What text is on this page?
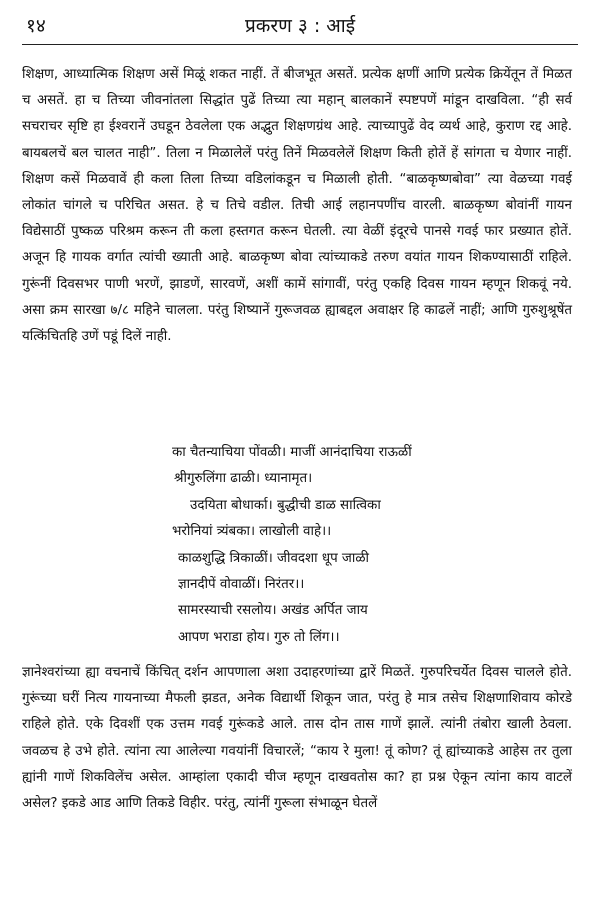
१४	प्रकरण ३ : आई

शिक्षण, आध्यात्मिक शिक्षण असें मिळूं शकत नाहीं. तें बीजभूत असतें. प्रत्येक क्षणीं आणि प्रत्येक क्रियेंतून तें मिळत च असतें. हा च तिच्या जीवनांतला सिद्धांत पुढें तिच्या त्या महान् बालकानें स्पष्टपणें मांडून दाखविला. “ही सर्व सचराचर सृष्टि हा ईश्वरानें उघडून ठेवलेला एक अद्भुत शिक्षणग्रंथ आहे. त्याच्यापुढें वेद व्यर्थ आहे, कुराण रद्द आहे. बायबलचें बल चालत नाही”. तिला न मिळालेलें परंतु तिनें मिळवलेलें शिक्षण किती होतें हें सांगता च येणार नाहीं. शिक्षण कसें मिळवावें ही कला तिला तिच्या वडिलांकडून च मिळाली होती. “बाळकृष्णबोवा” त्या वेळच्या गवई लोकांत चांगले च परिचित असत. हे च तिचे वडील. तिची आई लहानपणींच वारली. बाळकृष्ण बोवांनीं गायन विद्येसाठीं पुष्कळ परिश्रम करून ती कला हस्तगत करून घेतली. त्या वेळीं इंदूरचे पानसे गवई फार प्रख्यात होतें. अजून हि गायक वर्गात त्यांची ख्याती आहे. बाळकृष्ण बोवा त्यांच्याकडे तरुण वयांत गायन शिकण्यासाठीं राहिले. गुरूंनीं दिवसभर पाणी भरणें, झाडणें, सारवणें, अशीं कामें सांगावीं, परंतु एकहि दिवस गायन म्हणून शिकवूं नये. असा क्रम सारखा ७/८ महिने चालला. परंतु शिष्यानें गुरूजवळ ह्याबद्दल अवाक्षर हि काढलें नाहीं; आणि गुरुशुश्रूषेंत यत्किंचितहि उणें पडूं दिलें नाही.

का चैतन्याचिया पोंवळी। माजीं आनंदाचिया राऊळीं
श्रीगुरुलिंगा ढाळी। ध्यानामृत।
उदयिता बोधार्का। बुद्धीची डाळ सात्विका
भरोनियां त्र्यंबका। लाखोली वाहे।।
काळशुद्धि त्रिकाळीं। जीवदशा धूप जाळी
ज्ञानदीपें वोवाळीं। निरंतर।।
सामरस्याची रसलोय। अखंड अर्पित जाय
आपण भराडा होय। गुरु तो लिंग।।

ज्ञानेश्वरांच्या ह्या वचनाचें किंचित् दर्शन आपणाला अशा उदाहरणांच्या द्वारें मिळतें. गुरुपरिचर्येत दिवस चालले होते. गुरूंच्या घरीं नित्य गायनाच्या मैफली झडत, अनेक विद्यार्थी शिकून जात, परंतु हे मात्र तसेच शिक्षणाशिवाय कोरडे राहिले होते. एके दिवशीं एक उत्तम गवई गुरूंकडे आले. तास दोन तास गाणें झालें. त्यांनी तंबोरा खाली ठेवला. जवळच हे उभे होते. त्यांना त्या आलेल्या गवयांनीं विचारलें; “काय रे मुला! तूं कोण? तूं ह्यांच्याकडे आहेस तर तुला ह्यांनी गाणें शिकविलेंच असेल. आम्हांला एकादी चीज म्हणून दाखवतोस का? हा प्रश्न ऐकून त्यांना काय वाटलें असेल? इकडे आड आणि तिकडे विहीर. परंतु, त्यांनीं गुरूला संभाळून घेतलें
